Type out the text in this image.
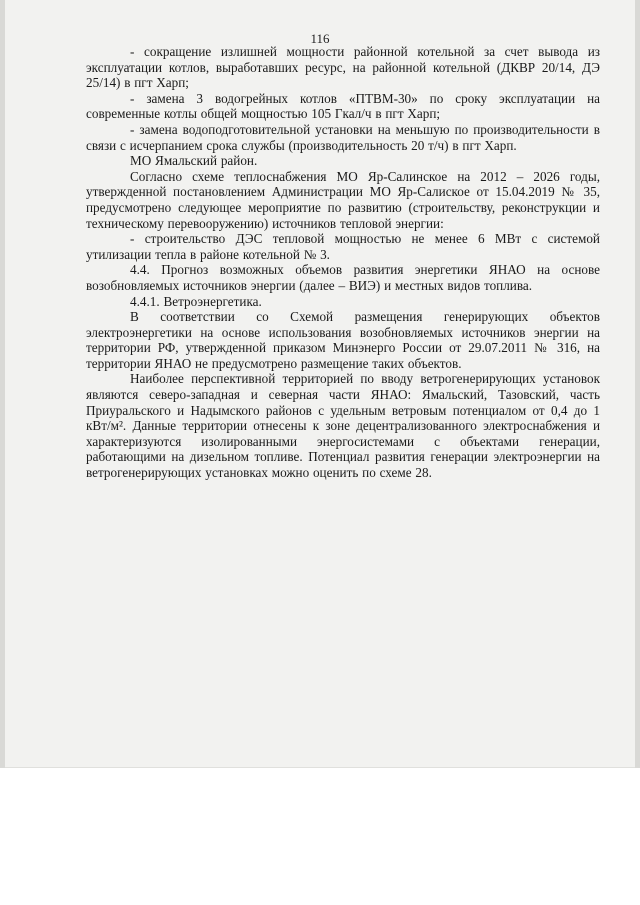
116

- сокращение излишней мощности районной котельной за счет вывода из эксплуатации котлов, выработавших ресурс, на районной котельной (ДКВР 20/14, ДЭ 25/14) в пгт Харп;

- замена 3 водогрейных котлов «ПТВМ-30» по сроку эксплуатации на современные котлы общей мощностью 105 Гкал/ч в пгт Харп;

- замена водоподготовительной установки на меньшую по производительности в связи с исчерпанием срока службы (производительность 20 т/ч) в пгт Харп.

МО Ямальский район.

Согласно схеме теплоснабжения МО Яр-Салинское на 2012 – 2026 годы, утвержденной постановлением Администрации МО Яр-Салиское от 15.04.2019 № 35, предусмотрено следующее мероприятие по развитию (строительству, реконструкции и техническому перевооружению) источников тепловой энергии:

- строительство ДЭС тепловой мощностью не менее 6 МВт с системой утилизации тепла в районе котельной № 3.

4.4. Прогноз возможных объемов развития энергетики ЯНАО на основе возобновляемых источников энергии (далее – ВИЭ) и местных видов топлива.

4.4.1. Ветроэнергетика.

В соответствии со Схемой размещения генерирующих объектов электроэнергетики на основе использования возобновляемых источников энергии на территории РФ, утвержденной приказом Минэнерго России от 29.07.2011 № 316, на территории ЯНАО не предусмотрено размещение таких объектов.

Наиболее перспективной территорией по вводу ветрогенерирующих установок являются северо-западная и северная части ЯНАО: Ямальский, Тазовский, часть Приуральского и Надымского районов с удельным ветровым потенциалом от 0,4 до 1 кВт/м². Данные территории отнесены к зоне децентрализованного электроснабжения и характеризуются изолированными энергосистемами с объектами генерации, работающими на дизельном топливе. Потенциал развития генерации электроэнергии на ветрогенерирующих установках можно оценить по схеме 28.
